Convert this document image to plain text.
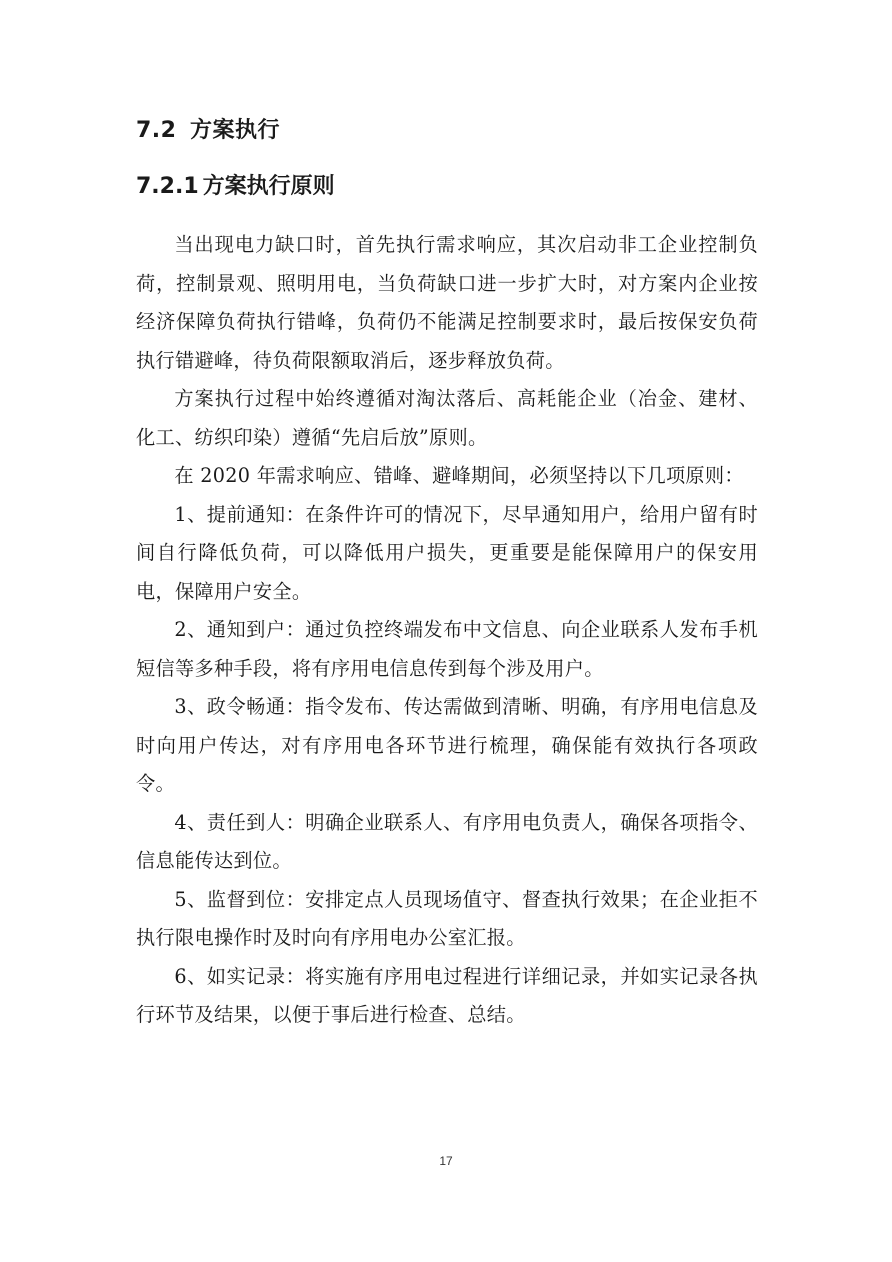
7.2 方案执行
7.2.1 方案执行原则

当出现电力缺口时，首先执行需求响应，其次启动非工企业控制负荷，控制景观、照明用电，当负荷缺口进一步扩大时，对方案内企业按经济保障负荷执行错峰，负荷仍不能满足控制要求时，最后按保安负荷执行错避峰，待负荷限额取消后，逐步释放负荷。

方案执行过程中始终遵循对淘汰落后、高耗能企业（冶金、建材、化工、纺织印染）遵循“先启后放”原则。

在 2020 年需求响应、错峰、避峰期间，必须坚持以下几项原则：

1、提前通知：在条件许可的情况下，尽早通知用户，给用户留有时间自行降低负荷，可以降低用户损失，更重要是能保障用户的保安用电，保障用户安全。

2、通知到户：通过负控终端发布中文信息、向企业联系人发布手机短信等多种手段，将有序用电信息传到每个涉及用户。

3、政令畅通：指令发布、传达需做到清晰、明确，有序用电信息及时向用户传达，对有序用电各环节进行梳理，确保能有效执行各项政令。

4、责任到人：明确企业联系人、有序用电负责人，确保各项指令、信息能传达到位。

5、监督到位：安排定点人员现场值守、督查执行效果；在企业拒不执行限电操作时及时向有序用电办公室汇报。

6、如实记录：将实施有序用电过程进行详细记录，并如实记录各执行环节及结果，以便于事后进行检查、总结。

17
